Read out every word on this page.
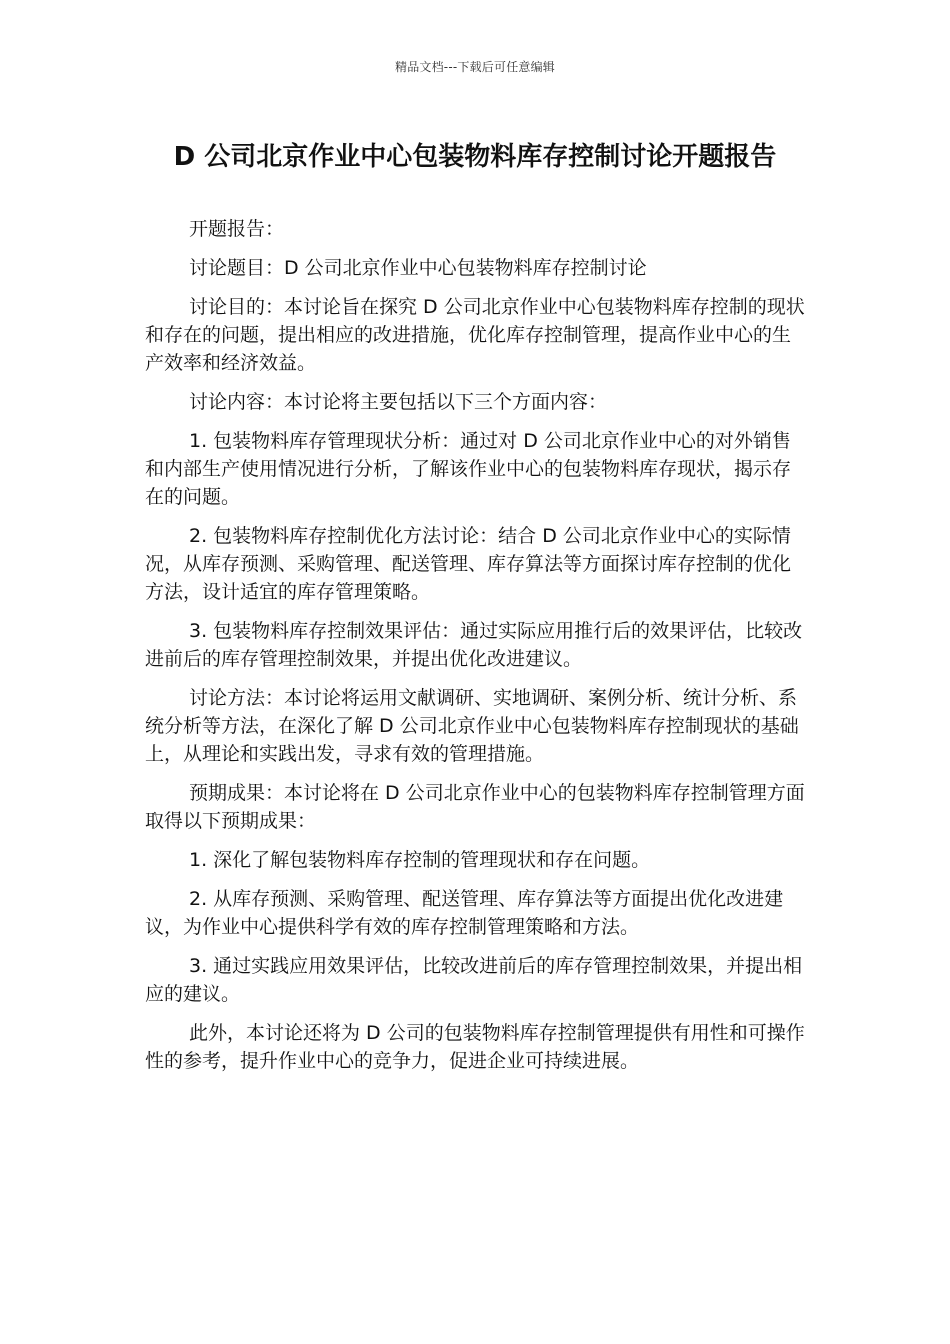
精品文档---下载后可任意编辑
D 公司北京作业中心包装物料库存控制讨论开题报告

开题报告：

讨论题目：D 公司北京作业中心包装物料库存控制讨论

讨论目的：本讨论旨在探究 D 公司北京作业中心包装物料库存控制的现状和存在的问题，提出相应的改进措施，优化库存控制管理，提高作业中心的生产效率和经济效益。

讨论内容：本讨论将主要包括以下三个方面内容：

1. 包装物料库存管理现状分析：通过对 D 公司北京作业中心的对外销售和内部生产使用情况进行分析，了解该作业中心的包装物料库存现状，揭示存在的问题。

2. 包装物料库存控制优化方法讨论：结合 D 公司北京作业中心的实际情况，从库存预测、采购管理、配送管理、库存算法等方面探讨库存控制的优化方法，设计适宜的库存管理策略。

3. 包装物料库存控制效果评估：通过实际应用推行后的效果评估，比较改进前后的库存管理控制效果，并提出优化改进建议。

讨论方法：本讨论将运用文献调研、实地调研、案例分析、统计分析、系统分析等方法，在深化了解 D 公司北京作业中心包装物料库存控制现状的基础上，从理论和实践出发，寻求有效的管理措施。

预期成果：本讨论将在 D 公司北京作业中心的包装物料库存控制管理方面取得以下预期成果：

1. 深化了解包装物料库存控制的管理现状和存在问题。

2. 从库存预测、采购管理、配送管理、库存算法等方面提出优化改进建议，为作业中心提供科学有效的库存控制管理策略和方法。

3. 通过实践应用效果评估，比较改进前后的库存管理控制效果，并提出相应的建议。

此外，本讨论还将为 D 公司的包装物料库存控制管理提供有用性和可操作性的参考，提升作业中心的竞争力，促进企业可持续进展。
